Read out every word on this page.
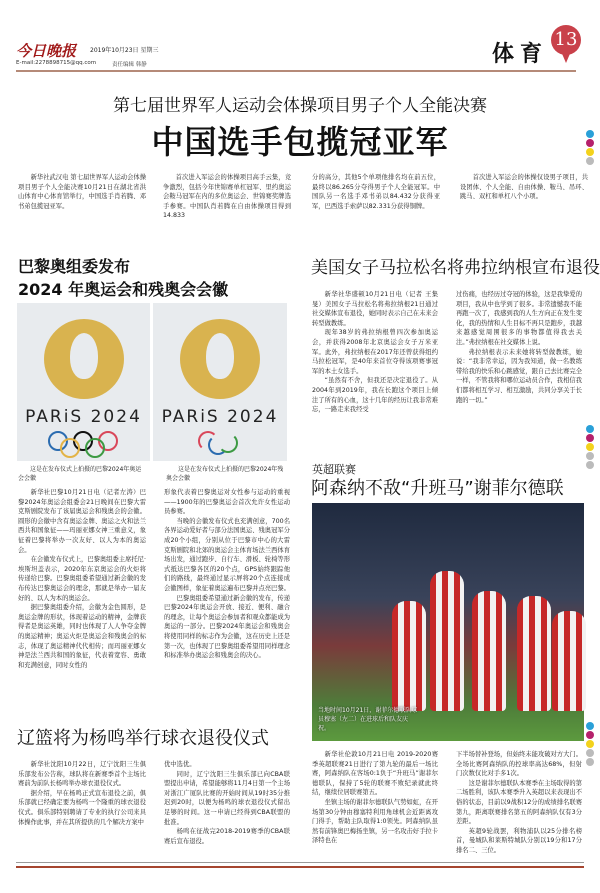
今日晚报 2019年10月23日 星期三
E-mail:2278898715@qq.com	责任编辑 韩静	体育
13
第七届世界军人运动会体操项目男子个人全能决赛
中国选手包揽冠亚军

新华社武汉电 第七届世界军人运动会体操项目男子个人全能决赛10月21日在湖北省洪山体育中心体育馆举行，中国选手肖若腾、邓书弟包揽冠亚军。

首次进入军运会的体操项目高手云集，竞争激烈，包括今年世锦赛单杠冠军、里约奥运会鞍马冠军在内的多位奥运会、世锦赛奖牌选手参赛。中国队肖若腾在自由体操项目得到14.833

分的高分，其他5个单项他排名均在前五位，最终以86.265分夺得男子个人全能冠军。中国队另一名选手邓书弟以84.432分获得亚军，巴西选手索萨以82.331分获得铜牌。

首次进入军运会的体操仅设男子项目，共设团体、个人全能、自由体操、鞍马、吊环、跳马、双杠和单杠八个小项。

巴黎奥组委发布
2024 年奥运会和残奥会会徽
PARiS 2024	PARiS 2024
这是在发布仪式上拍摄的巴黎2024年奥运会会徽
这是在发布仪式上拍摄的巴黎2024年残奥会会徽

新华社巴黎10月21日电（记者左涛）巴黎2024年奥运会组委会21日晚间在巴黎大雷克斯剧院发布了该届奥运会和残奥会的会徽。圆形的会徽中含有奥运金牌、奥运之火和法兰西共和国象征——玛丽亚娜女神三重意义，象征着巴黎将举办一次友好、以人为本的奥运会。

在会徽发布仪式上，巴黎奥组委主席托尼·埃斯坦盖表示，2020年东京奥运会的火炬将传递给巴黎。巴黎奥组委希望通过新会徽的发布传达巴黎奥运会的理念，那就是举办一届友好的、以人为本的奥运会。

据巴黎奥组委介绍，会徽为金色圆形，是奥运金牌的形状，体现着运动的精神，金牌获得者是奥运英雄，同时也体现了人人争夺金牌的奥运精神；奥运火炬是奥运会和残奥会的标志，体现了奥运精神代代相传；而玛丽亚娜女神是法兰西共和国的象征，代表着宽容、勇敢和充满创意，同时女性的

形象代表着巴黎奥运对女性参与运动的重视——1900年的巴黎奥运会首次允许女性运动员参赛。

当晚的会徽发布仪式也充满创意，700名各界运动爱好者与部分法国奥运、残奥冠军分成20个小组，分别从位于巴黎市中心的大雷克斯剧院和北郊的奥运会主体育场法兰西体育场出发，通过跑步、自行车、滑板、轮椅等形式抵达巴黎各区的20个点，GPS始终跟踪他们的路线，最终通过显示屏将20个点连接成会徽图样，象征着奥运遍布巴黎并点亮巴黎。

巴黎奥组委希望通过新会徽的发布，传递巴黎2024年奥运会开放、接近、便利、融合的理念，让每个奥运会参加者和观众都能成为奥运的一部分。巴黎2024年奥运会和残奥会将使用同样的标志作为会徽，这在历史上还是第一次，也体现了巴黎奥组委希望用同样理念和标准举办奥运会和残奥会的决心。

美国女子马拉松名将弗拉纳根宣布退役

新华社华盛顿10月21日电（记者 王集旻）美国女子马拉松名将弗拉纳根21日通过社交媒体宣布退役，她同时表示自己在未来会转型做教练。

现年38岁的弗拉纳根曾四次参加奥运会，并获得2008年北京奥运会女子万米亚军。此外，弗拉纳根在2017年还曾获得纽约马拉松冠军，是40年来首位夺得该项赛事冠军的本土女选手。

“虽然有不舍，但我还是决定退役了。从2004年到2019年，我在长跑这个项目上倾注了所有的心血，这十几年的经历让我非常难忘，一路走来我经受

过伤痛，也经历过夺冠的体验，这是我挚爱的项目，我从中也学到了很多。非常遗憾我不能再跑一次了，我感到我的人生方向正在发生变化，我的热情和人生目标不再只是跑步，我越来越感觉周围很多的事物都值得我去关注。”弗拉纳根在社交媒体上说。

弗拉纳根表示未来她将转型做教练，她说：“我非常幸运，因为我知道，做一名教练带给我的快乐和心跳感觉，跟自己去比赛完全一样，不管我将和哪位运动员合作，我相信我们都将相互学习、相互激励，共同分享关于长跑的一切。”

英超联赛
阿森纳不敌“升班马”谢菲尔德联
当地时间10月21日，谢菲尔德联队球员穆塞（左二）在进球后和队友庆祝。

新华社伦敦10月21日电 2019-2020赛季英超联赛21日进行了第九轮的最后一场比赛，阿森纳队在客场0:1负于“升班马”谢菲尔德联队，保持了5轮的联赛不败纪录就此终结，继续位居联赛第五。

坐镇主场的谢菲尔德联队气势如虹，在开场第30分钟由穆塞特利用角球机会近距离攻门得手，帮助主队取得1:0领先。阿森纳队虽然有前锋奥巴梅扬坐镇，另一名攻击好手拉卡泽特也在

下半场替补登场，但始终未能攻破对方大门。全场比赛阿森纳队的控球率高达68%，但射门次数仅比对手多1次。

这是谢菲尔德联队本赛季在主场取得的第二场胜利，该队本赛季升入英超以来表现出不俗的状态，目前以9战积12分的成绩排名联赛第九，距离联赛排名第五的阿森纳队仅有3分差距。

英超9轮战罢，利物浦队以25分排名榜首，曼城队和莱斯特城队分别以19分和17分排名二、三位。

辽篮将为杨鸣举行球衣退役仪式

新华社沈阳10月22日，辽宁沈阳三生俱乐部发布公告称，球队将在新赛季首个主场比赛前为前队长杨鸣举办球衣退役仪式。

据介绍，早在杨鸣正式宣布退役之前，俱乐部就已经确定要为杨鸣一个隆重的球衣退役仪式。俱乐部特别聘请了专业的执行公司来具体操作此事，并在其所提供的几个解决方案中

优中选优。

同时，辽宁沈阳三生俱乐部已向CBA联盟提出申请，希望能够将11月4日第一个主场对浙江广厦队比赛的开始时间从19时35分推迟到20时，以便为杨鸣的球衣退役仪式留出足够的时间。这一申请已经得到CBA联盟的批准。

杨鸣在征战完2018-2019赛季的CBA联赛后宣布退役。
